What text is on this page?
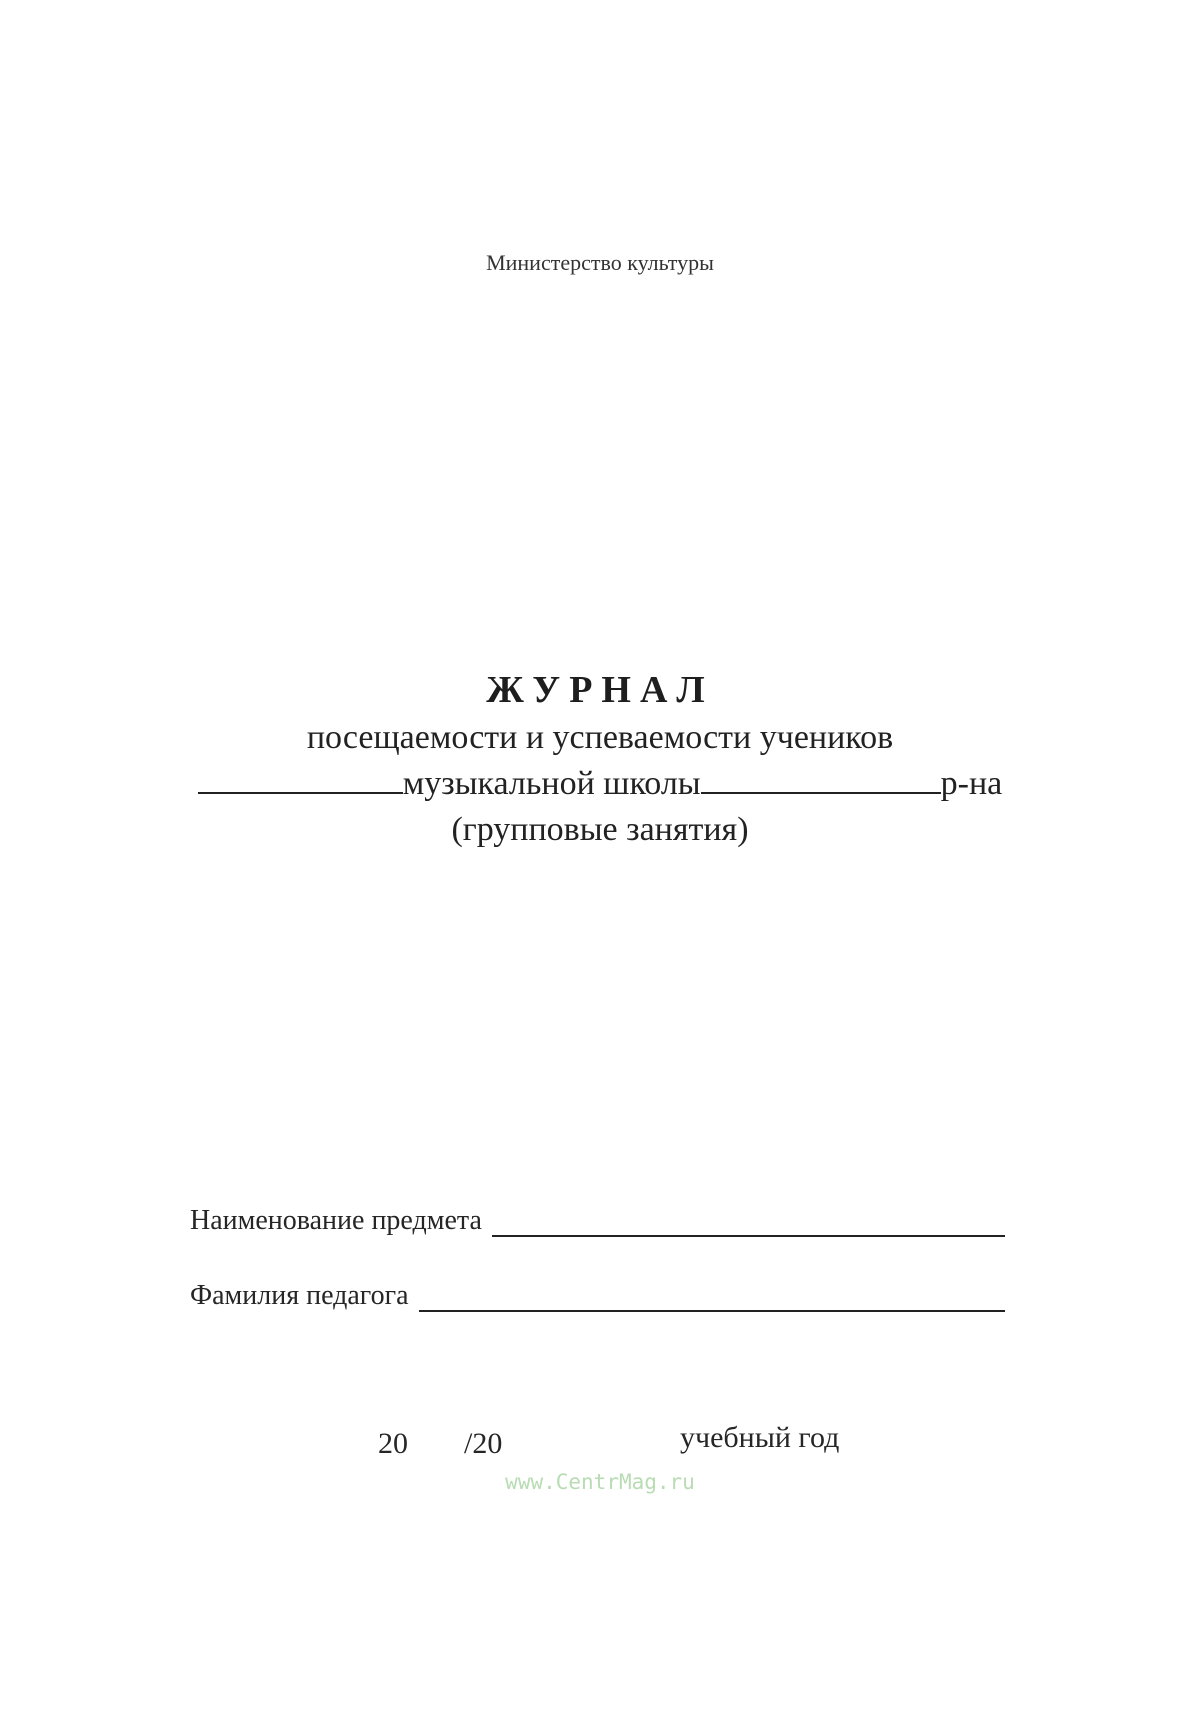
Министерство культуры
ЖУРНАЛ
посещаемости и успеваемости учеников
музыкальной школы	р-на
(групповые занятия)
Наименование предмета
Фамилия педагога
20 /20	учебный год
www.CentrMag.ru
